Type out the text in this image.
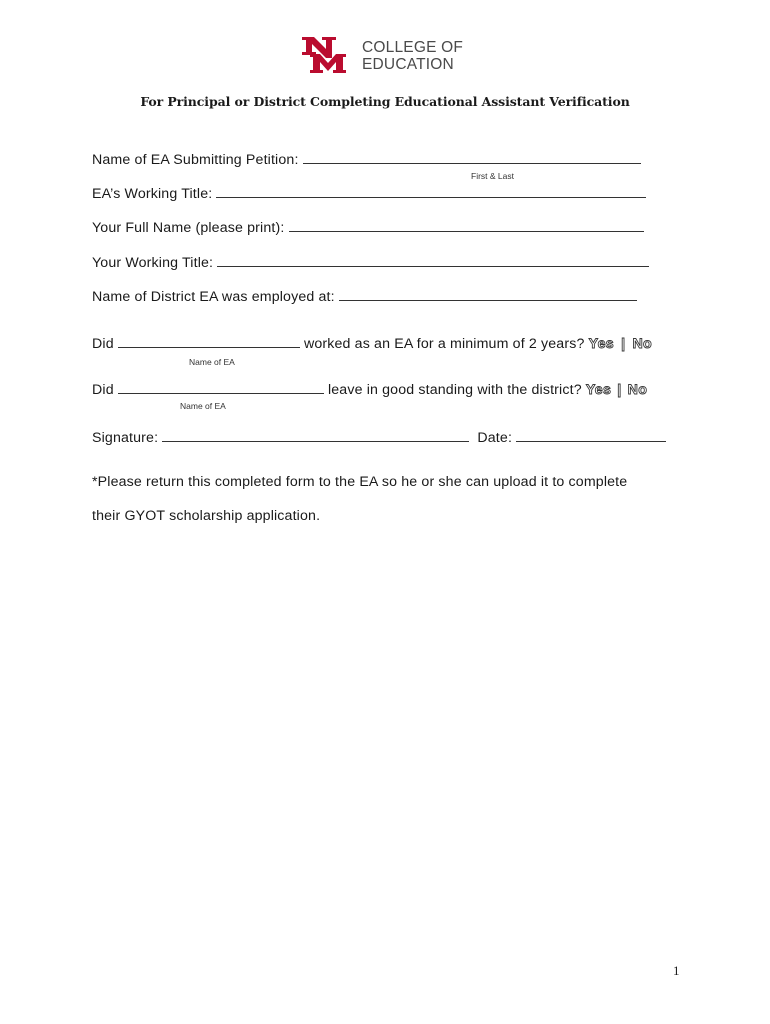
COLLEGE OF
EDUCATION
For Principal or District Completing Educational Assistant Verification
Name of EA Submitting Petition:
First & Last
EA’s Working Title:
Your Full Name (please print):
Your Working Title:
Name of District EA was employed at:
Did	worked as an EA for a minimum of 2 years? Yes | No
Name of EA
Did	leave in good standing with the district? Yes | No
Name of EA
Signature:	Date:
*Please return this completed form to the EA so he or she can upload it to complete
their GYOT scholarship application.
1
